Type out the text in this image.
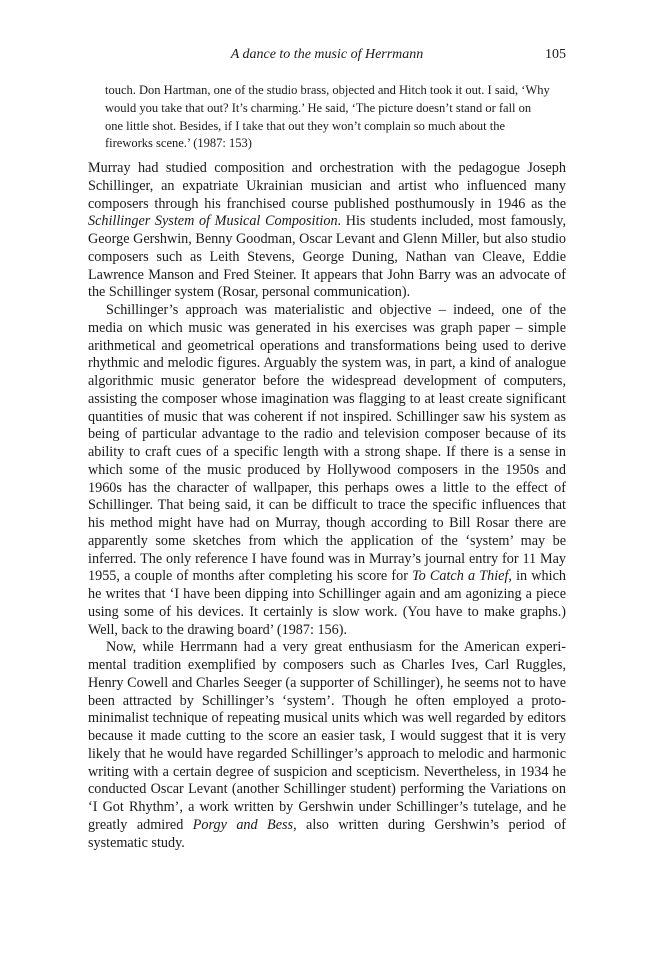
A dance to the music of Herrmann	105
touch. Don Hartman, one of the studio brass, objected and Hitch took it out. I said, ‘Why would you take that out? It’s charming.’ He said, ‘The picture doesn’t stand or fall on one little shot. Besides, if I take that out they won’t complain so much about the fireworks scene.’ (1987: 153)

Murray had studied composition and orchestration with the pedagogue Joseph Schillinger, an expatriate Ukrainian musician and artist who influenced many composers through his franchised course published posthumously in 1946 as the Schillinger System of Musical Composition. His students included, most famously, George Gershwin, Benny Goodman, Oscar Levant and Glenn Miller, but also studio composers such as Leith Stevens, George Duning, Nathan van Cleave, Eddie Lawrence Manson and Fred Steiner. It appears that John Barry was an advocate of the Schillinger system (Rosar, personal communication).

Schillinger’s approach was materialistic and objective – indeed, one of the media on which music was generated in his exercises was graph paper – simple arithmetical and geometrical operations and transformations being used to derive rhythmic and melodic figures. Arguably the system was, in part, a kind of analogue algorithmic music generator before the widespread development of computers, assisting the composer whose imagination was flagging to at least create significant quantities of music that was coherent if not inspired. Schillinger saw his system as being of particular advantage to the radio and television composer because of its ability to craft cues of a specific length with a strong shape. If there is a sense in which some of the music produced by Hollywood composers in the 1950s and 1960s has the character of wallpaper, this perhaps owes a little to the effect of Schillinger. That being said, it can be difficult to trace the specific influences that his method might have had on Murray, though according to Bill Rosar there are apparently some sketches from which the application of the ‘system’ may be inferred. The only reference I have found was in Murray’s journal entry for 11 May 1955, a couple of months after completing his score for To Catch a Thief, in which he writes that ‘I have been dipping into Schillinger again and am agonizing a piece using some of his devices. It certainly is slow work. (You have to make graphs.) Well, back to the drawing board’ (1987: 156).

Now, while Herrmann had a very great enthusiasm for the American experimental tradition exemplified by composers such as Charles Ives, Carl Ruggles, Henry Cowell and Charles Seeger (a supporter of Schillinger), he seems not to have been attracted by Schillinger’s ‘system’. Though he often employed a proto-minimalist technique of repeating musical units which was well regarded by editors because it made cutting to the score an easier task, I would suggest that it is very likely that he would have regarded Schillinger’s approach to melodic and harmonic writing with a certain degree of suspicion and scepticism. Nevertheless, in 1934 he conducted Oscar Levant (another Schillinger student) performing the Variations on ‘I Got Rhythm’, a work written by Gershwin under Schillinger’s tutelage, and he greatly admired Porgy and Bess, also written during Gershwin’s period of systematic study.
